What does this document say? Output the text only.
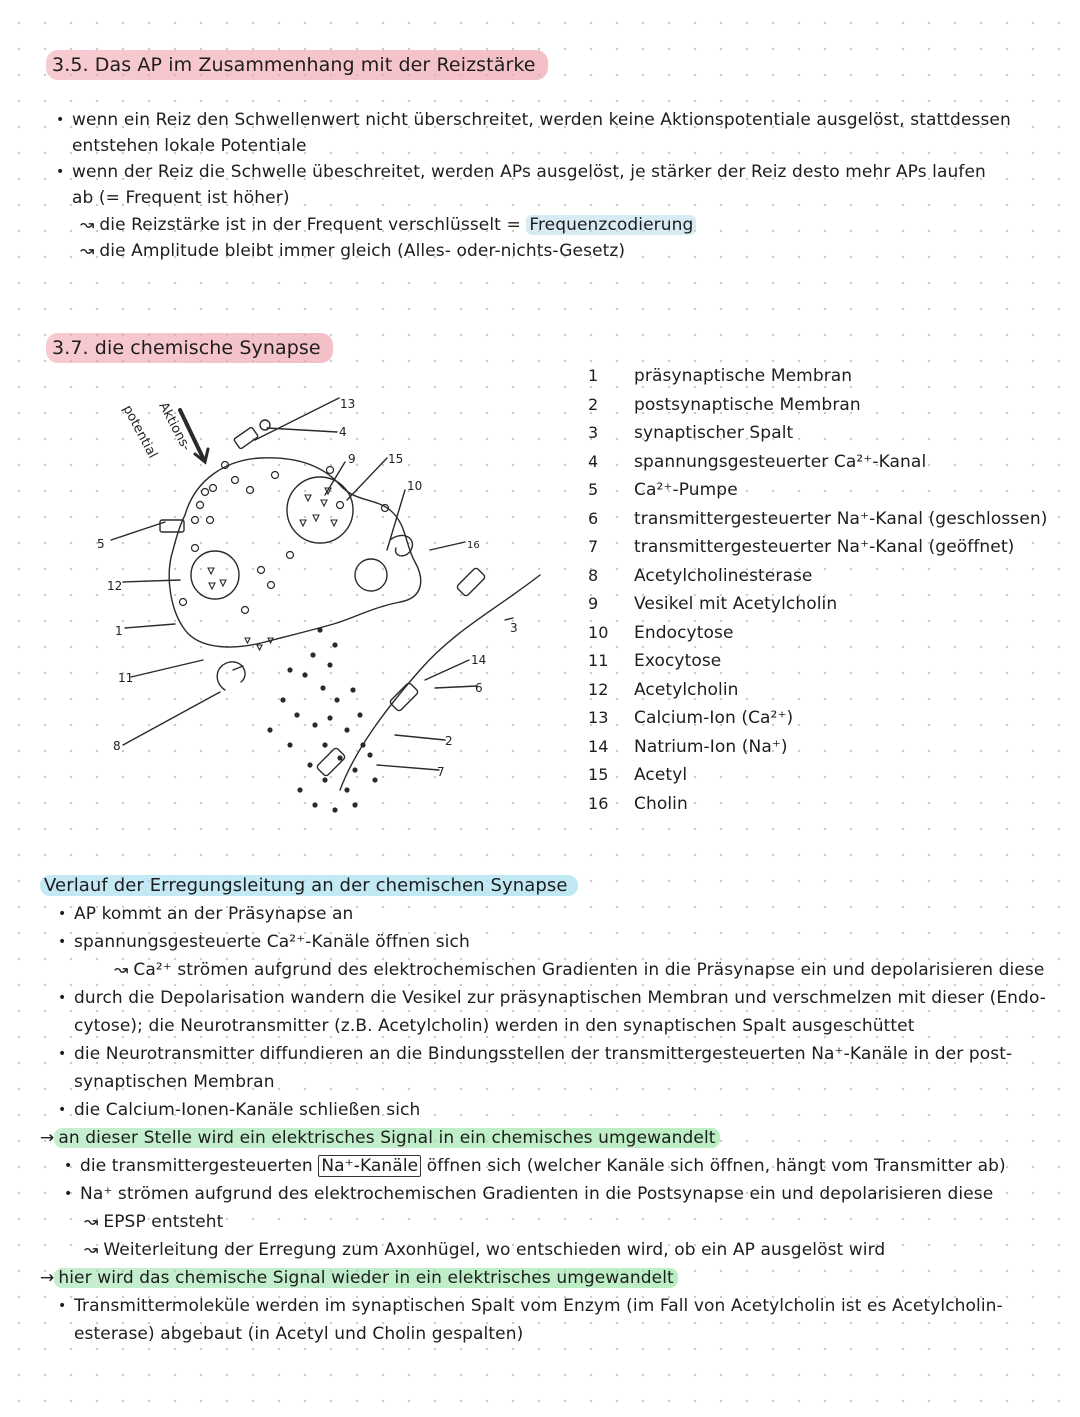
3.5. Das AP im Zusammenhang mit der Reizstärke
• wenn ein Reiz den Schwellenwert nicht überschreitet, werden keine Aktionspotentiale ausgelöst, stattdessen
entstehen lokale Potentiale
• wenn der Reiz die Schwelle übeschreitet, werden APs ausgelöst, je stärker der Reiz desto mehr APs laufen
ab (= Frequent ist höher)
↝ die Reizstärke ist in der Frequent verschlüsselt = Frequenzcodierung
↝ die Amplitude bleibt immer gleich (Alles- oder-nichts-Gesetz)
3.7. die chemische Synapse
Aktions-
potential
5
12
1
11
8
13
4
9	15
10
16
3
14
6
2
7
1	präsynaptische Membran
2	postsynaptische Membran
3	synaptischer Spalt
4	spannungsgesteuerter Ca²⁺-Kanal
5	Ca²⁺-Pumpe
6	transmittergesteuerter Na⁺-Kanal (geschlossen)
7	transmittergesteuerter Na⁺-Kanal (geöffnet)
8	Acetylcholinesterase
9	Vesikel mit Acetylcholin
10	Endocytose
11	Exocytose
12	Acetylcholin
13	Calcium-Ion (Ca²⁺)
14	Natrium-Ion (Na⁺)
15	Acetyl
16	Cholin
Verlauf der Erregungsleitung an der chemischen Synapse
• AP kommt an der Präsynapse an
• spannungsgesteuerte Ca²⁺-Kanäle öffnen sich
↝ Ca²⁺ strömen aufgrund des elektrochemischen Gradienten in die Präsynapse ein und depolarisieren diese
• durch die Depolarisation wandern die Vesikel zur präsynaptischen Membran und verschmelzen mit dieser (Endo-
cytose); die Neurotransmitter (z.B. Acetylcholin) werden in den synaptischen Spalt ausgeschüttet
• die Neurotransmitter diffundieren an die Bindungsstellen der transmittergesteuerten Na⁺-Kanäle in der post-
synaptischen Membran
• die Calcium-Ionen-Kanäle schließen sich
→ an dieser Stelle wird ein elektrisches Signal in ein chemisches umgewandelt
• die transmittergesteuerten Na⁺-Kanäle öffnen sich (welcher Kanäle sich öffnen, hängt vom Transmitter ab)
• Na⁺ strömen aufgrund des elektrochemischen Gradienten in die Postsynapse ein und depolarisieren diese
↝ EPSP entsteht
↝ Weiterleitung der Erregung zum Axonhügel, wo entschieden wird, ob ein AP ausgelöst wird
→ hier wird das chemische Signal wieder in ein elektrisches umgewandelt
• Transmittermoleküle werden im synaptischen Spalt vom Enzym (im Fall von Acetylcholin ist es Acetylcholin-
esterase) abgebaut (in Acetyl und Cholin gespalten)
